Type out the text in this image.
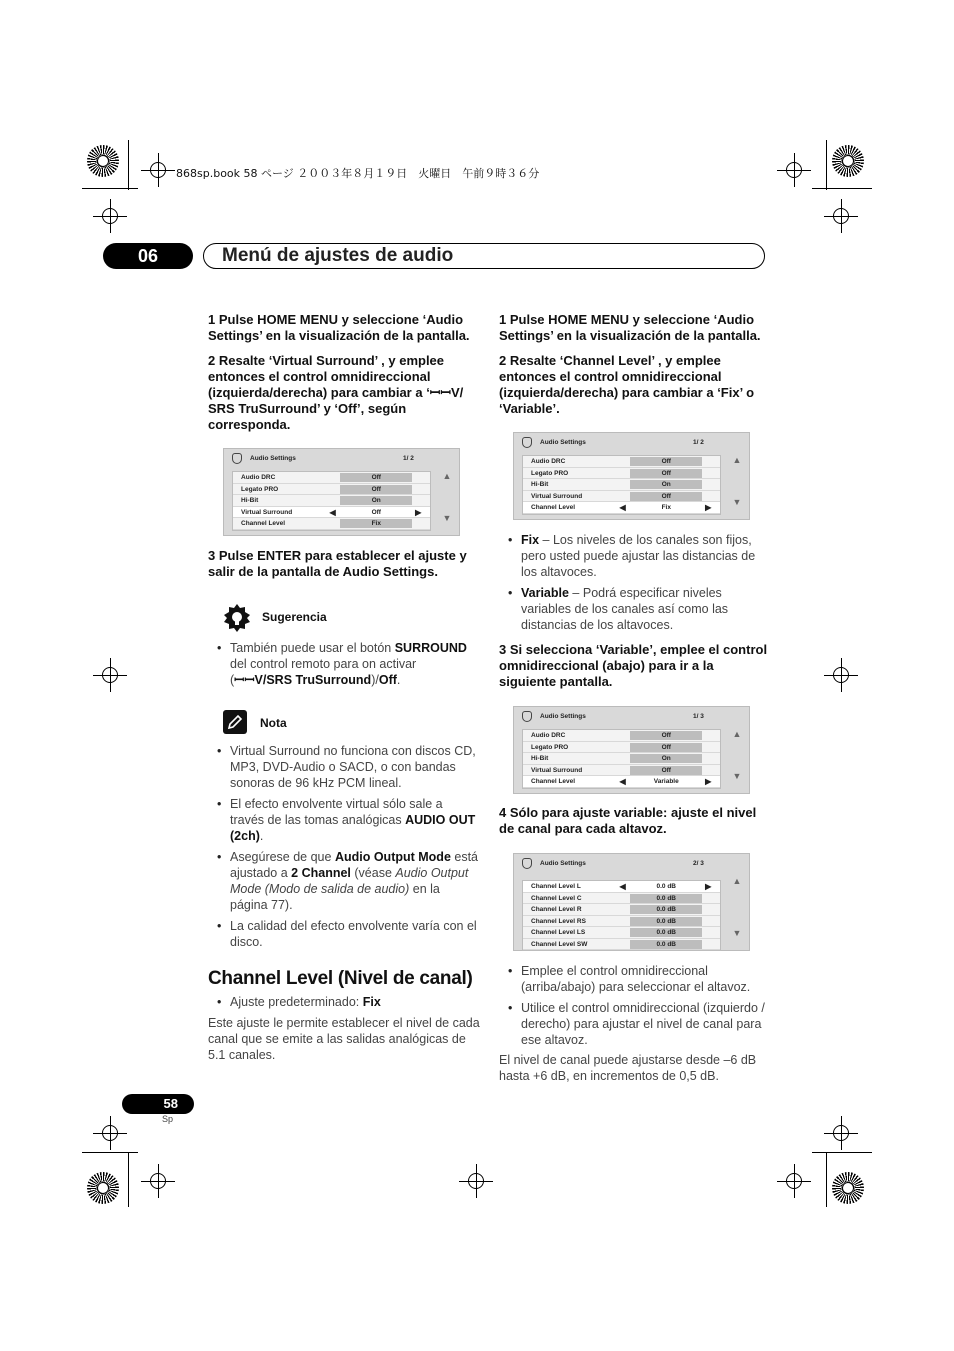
868sp.book 58 ページ ２００３年８月１９日　火曜日　午前９時３６分
06	Menú de ajustes de audio
1 Pulse HOME MENU y seleccione ‘Audio Settings’ en la visualización de la pantalla.
2 Resalte ‘Virtual Surround’ , y emplee entonces el control omnidireccional (izquierda/derecha) para cambiar a ‘ꟷꟷV/ SRS TruSurround’ y ‘Off’, según corresponda.
Audio Settings	1/ 2
Audio DRC	Off
Legato PRO	Off
Hi-Bit	On
Virtual Surround	Off
◀	▶
Channel Level	Fix
▲
▼
3 Pulse ENTER para establecer el ajuste y salir de la pantalla de Audio Settings.
Sugerencia
• También puede usar el botón SURROUND del control remoto para on activar (ꟷꟷV/SRS TruSurround)/Off.
Nota
• Virtual Surround no funciona con discos CD, MP3, DVD-Audio o SACD, o con bandas sonoras de 96 kHz PCM lineal.
• El efecto envolvente virtual sólo sale a través de las tomas analógicas AUDIO OUT (2ch).
• Asegúrese de que Audio Output Mode está ajustado a 2 Channel (véase Audio Output Mode (Modo de salida de audio) en la página 77).
• La calidad del efecto envolvente varía con el disco.
Channel Level (Nivel de canal)
• Ajuste predeterminado: Fix
Este ajuste le permite establecer el nivel de cada canal que se emite a las salidas analógicas de 5.1 canales.
1 Pulse HOME MENU y seleccione ‘Audio Settings’ en la visualización de la pantalla.
2 Resalte ‘Channel Level’ , y emplee entonces el control omnidireccional (izquierda/derecha) para cambiar a ‘Fix’ o ‘Variable’.
Audio Settings	1/ 2
Audio DRC	Off
Legato PRO	Off
Hi-Bit	On
Virtual Surround	Off
Channel Level	Fix
◀	▶
▲
▼
• Fix – Los niveles de los canales son fijos, pero usted puede ajustar las distancias de los altavoces.
• Variable – Podrá especificar niveles variables de los canales así como las distancias de los altavoces.
3 Si selecciona ‘Variable’, emplee el control omnidireccional (abajo) para ir a la siguiente pantalla.
Audio Settings	1/ 3
Audio DRC	Off
Legato PRO	Off
Hi-Bit	On
Virtual Surround	Off
Channel Level	Variable
◀	▶
▲
▼
4 Sólo para ajuste variable: ajuste el nivel de canal para cada altavoz.
Audio Settings	2/ 3
Channel Level L	0.0 dB
◀	▶
Channel Level C	0.0 dB
Channel Level R	0.0 dB
Channel Level RS	0.0 dB
Channel Level LS	0.0 dB
Channel Level SW	0.0 dB
▲
▼
• Emplee el control omnidireccional (arriba/abajo) para seleccionar el altavoz.
• Utilice el control omnidireccional (izquierdo / derecho) para ajustar el nivel de canal para ese altavoz.
El nivel de canal puede ajustarse desde –6 dB hasta +6 dB, en incrementos de 0,5 dB.
58
Sp
